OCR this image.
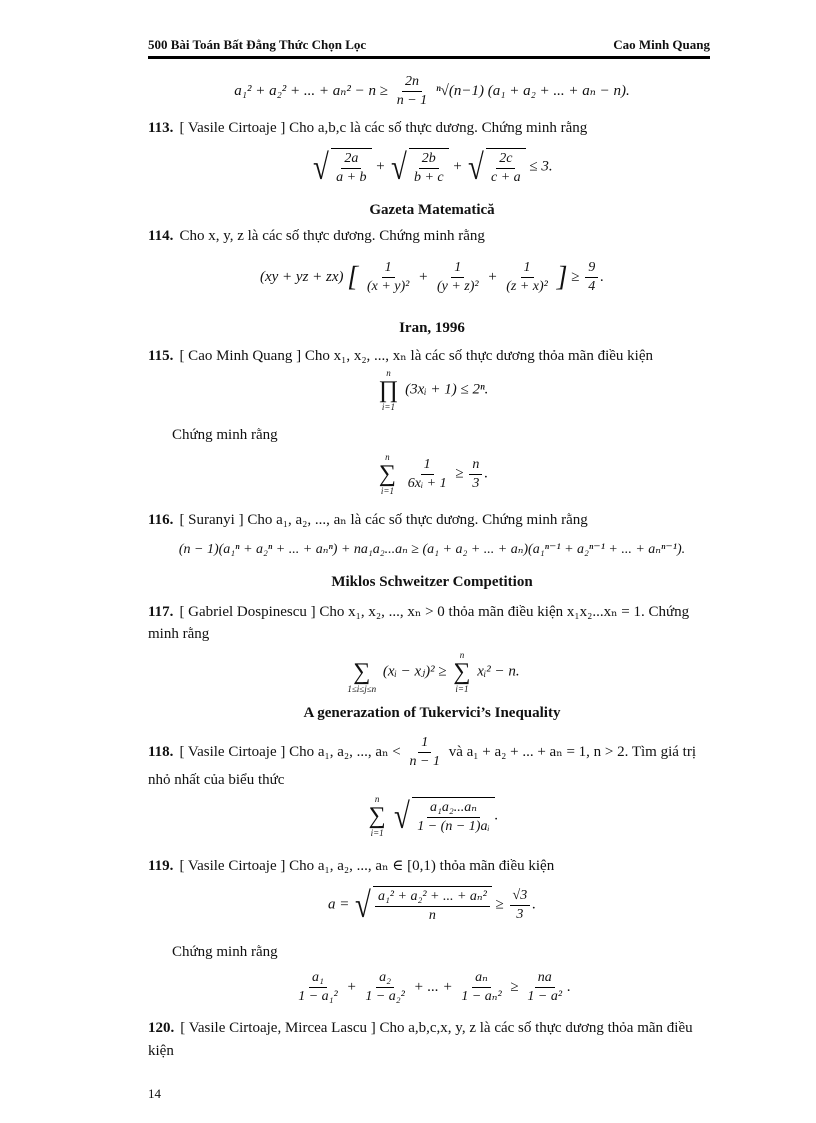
500 Bài Toán Bất Đẳng Thức Chọn Lọc	Cao Minh Quang
a₁² + a₂² + ... + $a_n^2 - n \ge \frac{2n}{n - 1} ^n√(n-1) (a_1 + a_2$ + ... + aₙ − n).
113. [ Vasile Cirtoaje ] Cho a,b,c là các số thực dương. Chứng minh rằng
√ $\frac{2a}{a + b}$ + √ $\frac{2b}{b + c}$ + √ $\frac{2c}{c + a} \le 3$.
Gazeta Matematică
114. Cho x, y, z là các số thực dương. Chứng minh rằng
(xy + yz + zx) [ $\frac{1}{\text{(x + y)²}} + \frac{1}{\text{(y + z)²}} + \frac{1}{\text{(z + x)²}}$ ] ≥ $\frac{9}{4}$ .
Iran, 1996
115. [ Cao Minh Quang ] Cho x₁, x₂, ..., xₙ là các số thực dương thỏa mãn điều kiện
n
∏
i=1
(3xᵢ + 1) ≤ 2ⁿ.
Chứng minh rằng
n
∑
i=1
$\frac{1}{\text{6xᵢ + 1}} \ge \frac{n}{3}$ .
116. [ Suranyi ] Cho a₁, a₂, ..., aₙ là các số thực dương. Chứng minh rằng
(n − 1)(a₁ⁿ + a₂ⁿ + ... + aₙⁿ) + na₁a₂...aₙ ≥ (a₁ + a₂ + ... + aₙ)(a₁ⁿ⁻¹ + a₂ⁿ⁻¹ + ... + aₙⁿ⁻¹).
Miklos Schweitzer Competition
117. [ Gabriel Dospinescu ] Cho x₁, x₂, ..., xₙ > 0 thỏa mãn điều kiện x₁x₂...xₙ = 1. Chứng
minh rằng

∑
1≤i≤j≤n
(xᵢ − xⱼ)² ≥
n
∑
i=1
xᵢ² − n.
A generazation of Tukervici’s Inequality
118. [ Vasile Cirtoaje ] Cho a₁, a₂, ..., $a_n < \frac{1}{n - 1}$ và a₁ + a₂ + ... + aₙ = 1, n > 2. Tìm giá trị
nhỏ nhất của biểu thức
n
∑
i=1
√ $\frac{\text{a₁a₂...aₙ}}{\text{1 − (n − 1)aᵢ}}$ .
119. [ Vasile Cirtoaje ] Cho a₁, a₂, ..., aₙ ∈ [0,1) thỏa mãn điều kiện
a = √ $\frac{\text{a₁² + a₂² + ... + aₙ²}}{n} \ge \frac{√3}{3}$ .
Chứng minh rằng
$\frac{\text{a₁}}{\text{1 − a₁²}} + \frac{\text{a₂}}{\text{1 − a₂²}}$ + ... + $\frac{\text{aₙ}}{\text{1 − aₙ²}} \ge \frac{na}{\text{1 − a²}}$ .
120. [ Vasile Cirtoaje, Mircea Lascu ] Cho a,b,c,x, y, z là các số thực dương thỏa mãn điều
kiện
14
